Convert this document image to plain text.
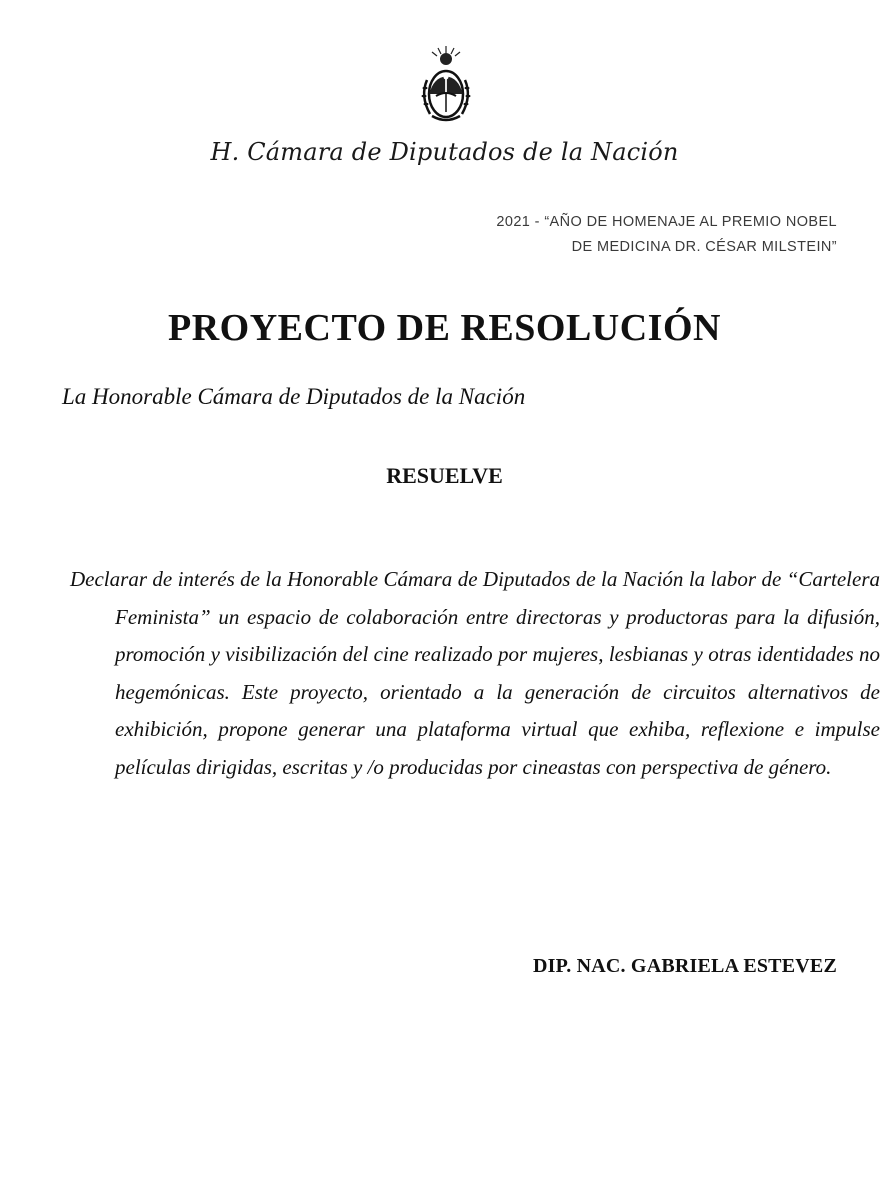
H. Cámara de Diputados de la Nación
2021 - “AÑO DE HOMENAJE AL PREMIO NOBEL
DE MEDICINA DR. CÉSAR MILSTEIN”
PROYECTO DE RESOLUCIÓN
La Honorable Cámara de Diputados de la Nación
RESUELVE

Declarar de interés de la Honorable Cámara de Diputados de la Nación la labor de “Cartelera Feminista” un espacio de colaboración entre directoras y productoras para la difusión, promoción y visibilización del cine realizado por mujeres, lesbianas y otras identidades no hegemónicas. Este proyecto, orientado a la generación de circuitos alternativos de exhibición, propone generar una plataforma virtual que exhiba, reflexione e impulse películas dirigidas, escritas y /o producidas por cineastas con perspectiva de género.

DIP. NAC. GABRIELA ESTEVEZ
